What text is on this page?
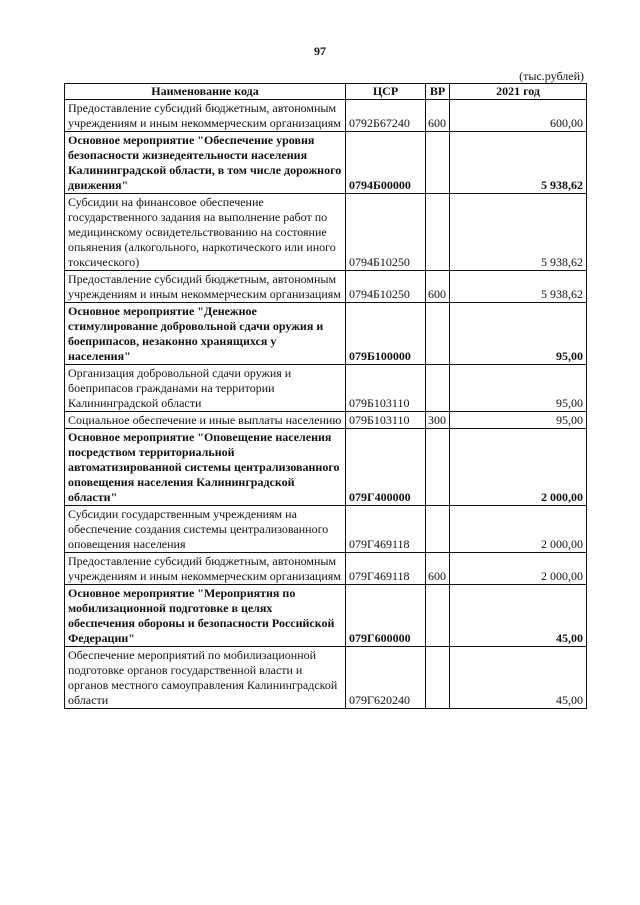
97
(тыс.рублей)
Наименование кода	ЦСР	ВР	2021 год
Предоставление субсидий бюджетным, автономным учреждениям и иным некоммерческим организациям	0792Б67240	600	600,00
Основное мероприятие "Обеспечение уровня безопасности жизнедеятельности населения Калининградской области, в том числе дорожного движения"	0794Б00000		5 938,62
Субсидии на финансовое обеспечение государственного задания на выполнение работ по медицинскому освидетельствованию на состояние опьянения (алкогольного, наркотического или иного токсического)	0794Б10250		5 938,62
Предоставление субсидий бюджетным, автономным учреждениям и иным некоммерческим организациям	0794Б10250	600	5 938,62
Основное мероприятие "Денежное стимулирование добровольной сдачи оружия и боеприпасов, незаконно хранящихся у населения"	079Б100000		95,00
Организация добровольной сдачи оружия и боеприпасов гражданами на территории Калининградской области	079Б103110		95,00
Социальное обеспечение и иные выплаты населению	079Б103110	300	95,00
Основное мероприятие "Оповещение населения посредством территориальной автоматизированной системы централизованного оповещения населения Калининградской области"	079Г400000		2 000,00
Субсидии государственным учреждениям на обеспечение создания системы централизованного оповещения населения	079Г469118		2 000,00
Предоставление субсидий бюджетным, автономным учреждениям и иным некоммерческим организациям	079Г469118	600	2 000,00
Основное мероприятие "Мероприятия по мобилизационной подготовке в целях обеспечения обороны и безопасности Российской Федерации"	079Г600000		45,00
Обеспечение мероприятий по мобилизационной подготовке органов государственной власти и органов местного самоуправления Калининградской области	079Г620240		45,00
